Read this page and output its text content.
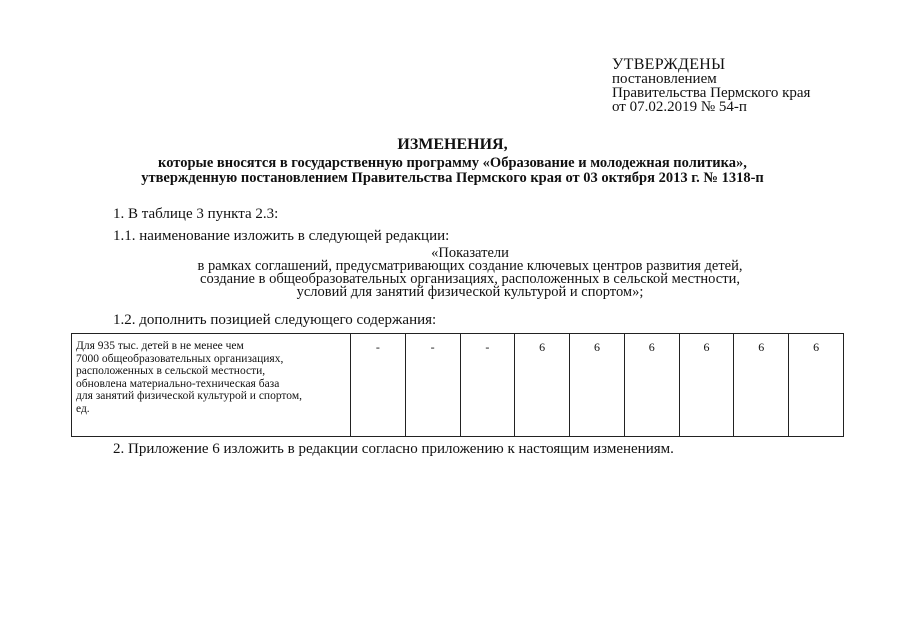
УТВЕРЖДЕНЫ
постановлением
Правительства Пермского края
от 07.02.2019 № 54-п
ИЗМЕНЕНИЯ,
которые вносятся в государственную программу «Образование и молодежная политика»,
утвержденную постановлением Правительства Пермского края от 03 октября 2013 г. № 1318-п
1. В таблице 3 пункта 2.3:
1.1. наименование изложить в следующей редакции:
«Показатели
в рамках соглашений, предусматривающих создание ключевых центров развития детей,
создание в общеобразовательных организациях, расположенных в сельской местности,
условий для занятий физической культурой и спортом»;
1.2. дополнить позицией следующего содержания:
Для 935 тыс. детей в не менее чем
7000 общеобразовательных организациях,
расположенных в сельской местности,
обновлена материально-техническая база
для занятий физической культурой и спортом,
ед.
	-	-	-	6	6	6	6	6	6
2. Приложение 6 изложить в редакции согласно приложению к настоящим изменениям.
